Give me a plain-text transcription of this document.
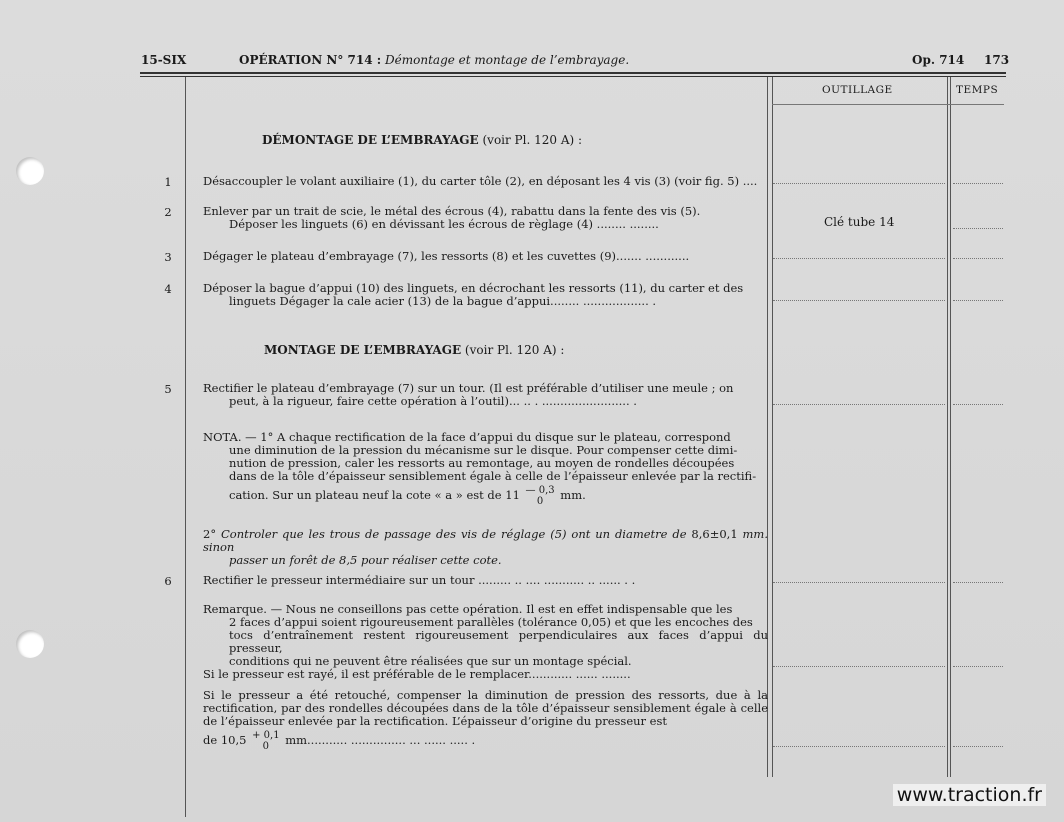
15-SIX	OPÉRATION N° 714 : Démontage et montage de l’embrayage.	Op. 714 173
OUTILLAGE	TEMPS
DÉMONTAGE DE L’EMBRAYAGE (voir Pl. 120 A) :
1	Désaccoupler le volant auxiliaire (1), du carter tôle (2), en déposant les 4 vis (3) (voir fig. 5) ....
2	Enlever par un trait de scie, le métal des écrous (4), rabattu dans la fente des vis (5).
Déposer les linguets (6) en dévissant les écrous de règlage (4) ........ ........	Clé tube 14
3	Dégager le plateau d’embrayage (7), les ressorts (8) et les cuvettes (9)....... ............
4	Déposer la bague d’appui (10) des linguets, en décrochant les ressorts (11), du carter et des
linguets Dégager la cale acier (13) de la bague d’appui........ .................. .
MONTAGE DE L’EMBRAYAGE (voir Pl. 120 A) :
5	Rectifier le plateau d’embrayage (7) sur un tour. (Il est préférable d’utiliser une meule ; on
peut, à la rigueur, faire cette opération à l’outil)... .. . ........................ .
NOTA. — 1° A chaque rectification de la face d’appui du disque sur le plateau, correspond
une diminution de la pression du mécanisme sur le disque. Pour compenser cette dimi-
nution de pression, caler les ressorts au remontage, au moyen de rondelles découpées
dans de la tôle d’épaisseur sensiblement égale à celle de l’épaisseur enlevée par la rectifi-
cation. Sur un plateau neuf la cote « a » est de 11 — 0,3
0	mm.
2° Controler que les trous de passage des vis de réglage (5) ont un diametre de 8,6±0,1 mm. sinon
passer un forêt de 8,5 pour réaliser cette cote.
6	Rectifier le presseur intermédiaire sur un tour ......... .. .... ........... .. ...... . .
Remarque. — Nous ne conseillons pas cette opération. Il est en effet indispensable que les
2 faces d’appui soient rigoureusement parallèles (tolérance 0,05) et que les encoches des
tocs d’entraînement restent rigoureusement perpendiculaires aux faces d’appui du presseur,
conditions qui ne peuvent être réalisées que sur un montage spécial.
Si le presseur est rayé, il est préférable de le remplacer............ ...... ........
Si le presseur a été retouché, compenser la diminution de pression des ressorts, due à la rectification, par des rondelles découpées dans de la tôle d’épaisseur sensiblement égale à celle de l’épaisseur enlevée par la rectification. L’épaisseur d’origine du presseur est
de 10,5 + 0,1
0	mm........... ............... ... ...... ..... .
www.traction.fr
